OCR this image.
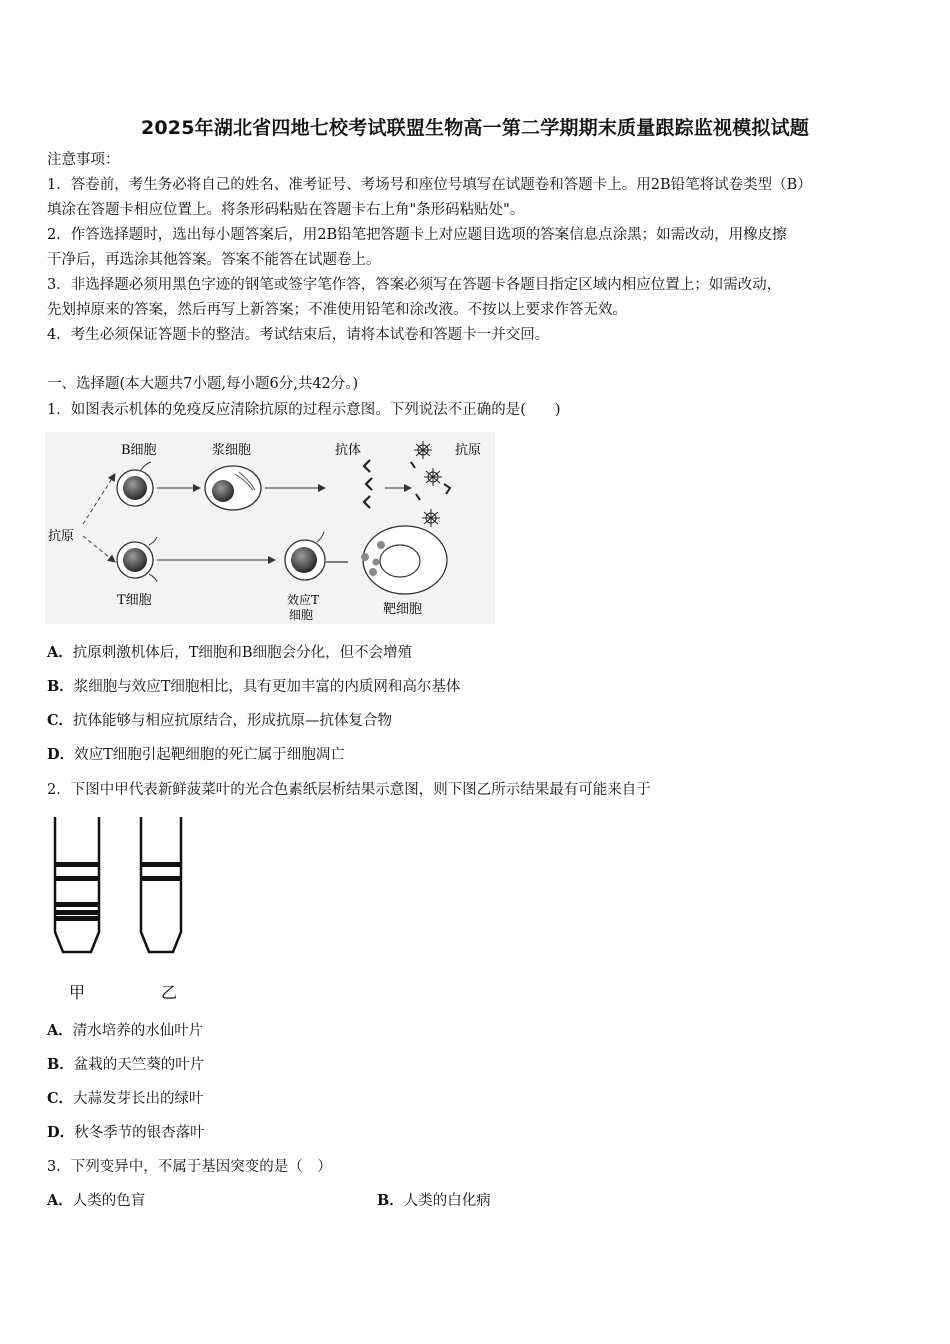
2025年湖北省四地七校考试联盟生物高一第二学期期末质量跟踪监视模拟试题
注意事项：
1．答卷前，考生务必将自己的姓名、准考证号、考场号和座位号填写在试题卷和答题卡上。用2B铅笔将试卷类型（B）
填涂在答题卡相应位置上。将条形码粘贴在答题卡右上角"条形码粘贴处"。
2．作答选择题时，选出每小题答案后，用2B铅笔把答题卡上对应题目选项的答案信息点涂黑；如需改动，用橡皮擦
干净后，再选涂其他答案。答案不能答在试题卷上。
3．非选择题必须用黑色字迹的钢笔或签字笔作答，答案必须写在答题卡各题目指定区域内相应位置上；如需改动，
先划掉原来的答案，然后再写上新答案；不准使用铅笔和涂改液。不按以上要求作答无效。
4．考生必须保证答题卡的整洁。考试结束后，请将本试卷和答题卡一并交回。
一、选择题(本大题共7小题,每小题6分,共42分。)
1．如图表示机体的免疫反应清除抗原的过程示意图。下列说法不正确的是(　　)
B细胞	浆细胞	抗体	抗原
抗原
T细胞	效应T
细胞	靶细胞
A．抗原刺激机体后，T细胞和B细胞会分化，但不会增殖
B．浆细胞与效应T细胞相比，具有更加丰富的内质网和高尔基体
C．抗体能够与相应抗原结合，形成抗原—抗体复合物
D．效应T细胞引起靶细胞的死亡属于细胞凋亡
2．下图中甲代表新鲜菠菜叶的光合色素纸层析结果示意图，则下图乙所示结果最有可能来自于
甲	乙
A．清水培养的水仙叶片
B．盆栽的天竺葵的叶片
C．大蒜发芽长出的绿叶
D．秋冬季节的银杏落叶
3．下列变异中，不属于基因突变的是（　）
A．人类的色盲	B．人类的白化病
